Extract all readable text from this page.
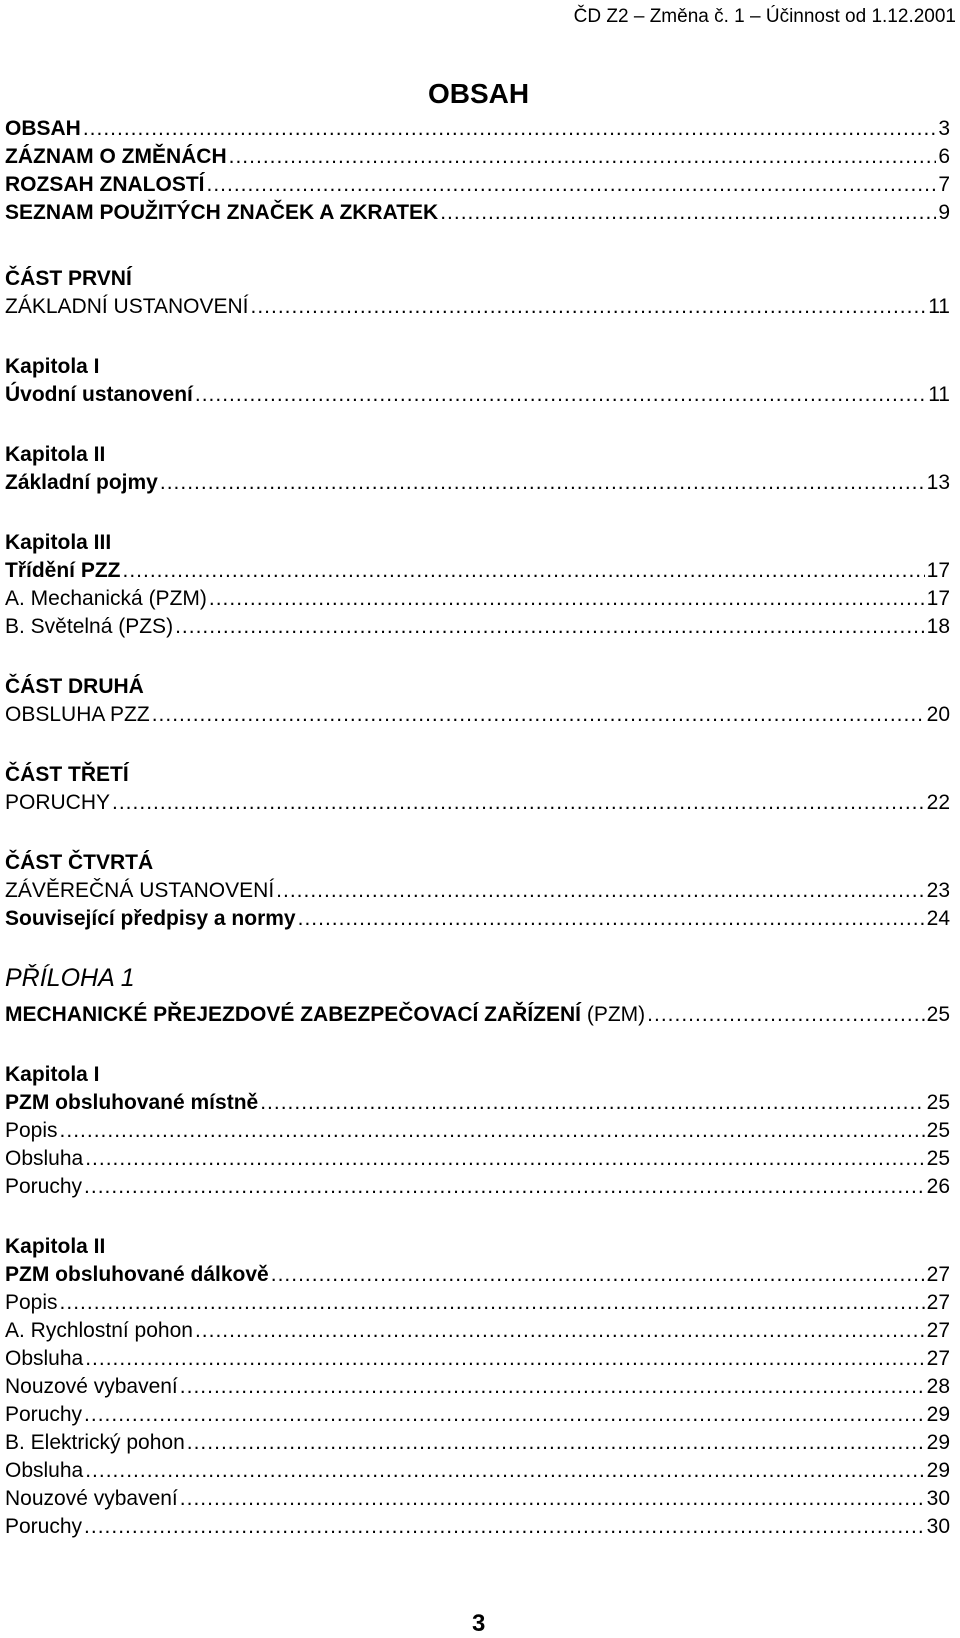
ČD Z2 – Změna č. 1 – Účinnost od 1.12.2001
OBSAH
OBSAH .....	3
ZÁZNAM O ZMĚNÁCH .....	6
ROZSAH ZNALOSTÍ .....	7
SEZNAM POUŽITÝCH ZNAČEK A ZKRATEK .....	9
ČÁST PRVNÍ
ZÁKLADNÍ USTANOVENÍ .....	11
Kapitola I
Úvodní ustanovení .....	11
Kapitola II
Základní pojmy .....	13
Kapitola III
Třídění PZZ .....	17
A. Mechanická (PZM) .....	17
B. Světelná (PZS) .....	18
ČÁST DRUHÁ
OBSLUHA PZZ .....	20
ČÁST TŘETÍ
PORUCHY .....	22
ČÁST ČTVRTÁ
ZÁVĚREČNÁ USTANOVENÍ .....	23
Související předpisy a normy .....	24
PŘÍLOHA 1
MECHANICKÉ PŘEJEZDOVÉ ZABEZPEČOVACÍ ZAŘÍZENÍ (PZM) .....	25
Kapitola I
PZM obsluhované místně .....	25
Popis .....	25
Obsluha .....	25
Poruchy .....	26
Kapitola II
PZM obsluhované dálkově .....	27
Popis .....	27
A. Rychlostní pohon .....	27
Obsluha .....	27
Nouzové vybavení .....	28
Poruchy .....	29
B. Elektrický pohon .....	29
Obsluha .....	29
Nouzové vybavení .....	30
Poruchy .....	30
3
